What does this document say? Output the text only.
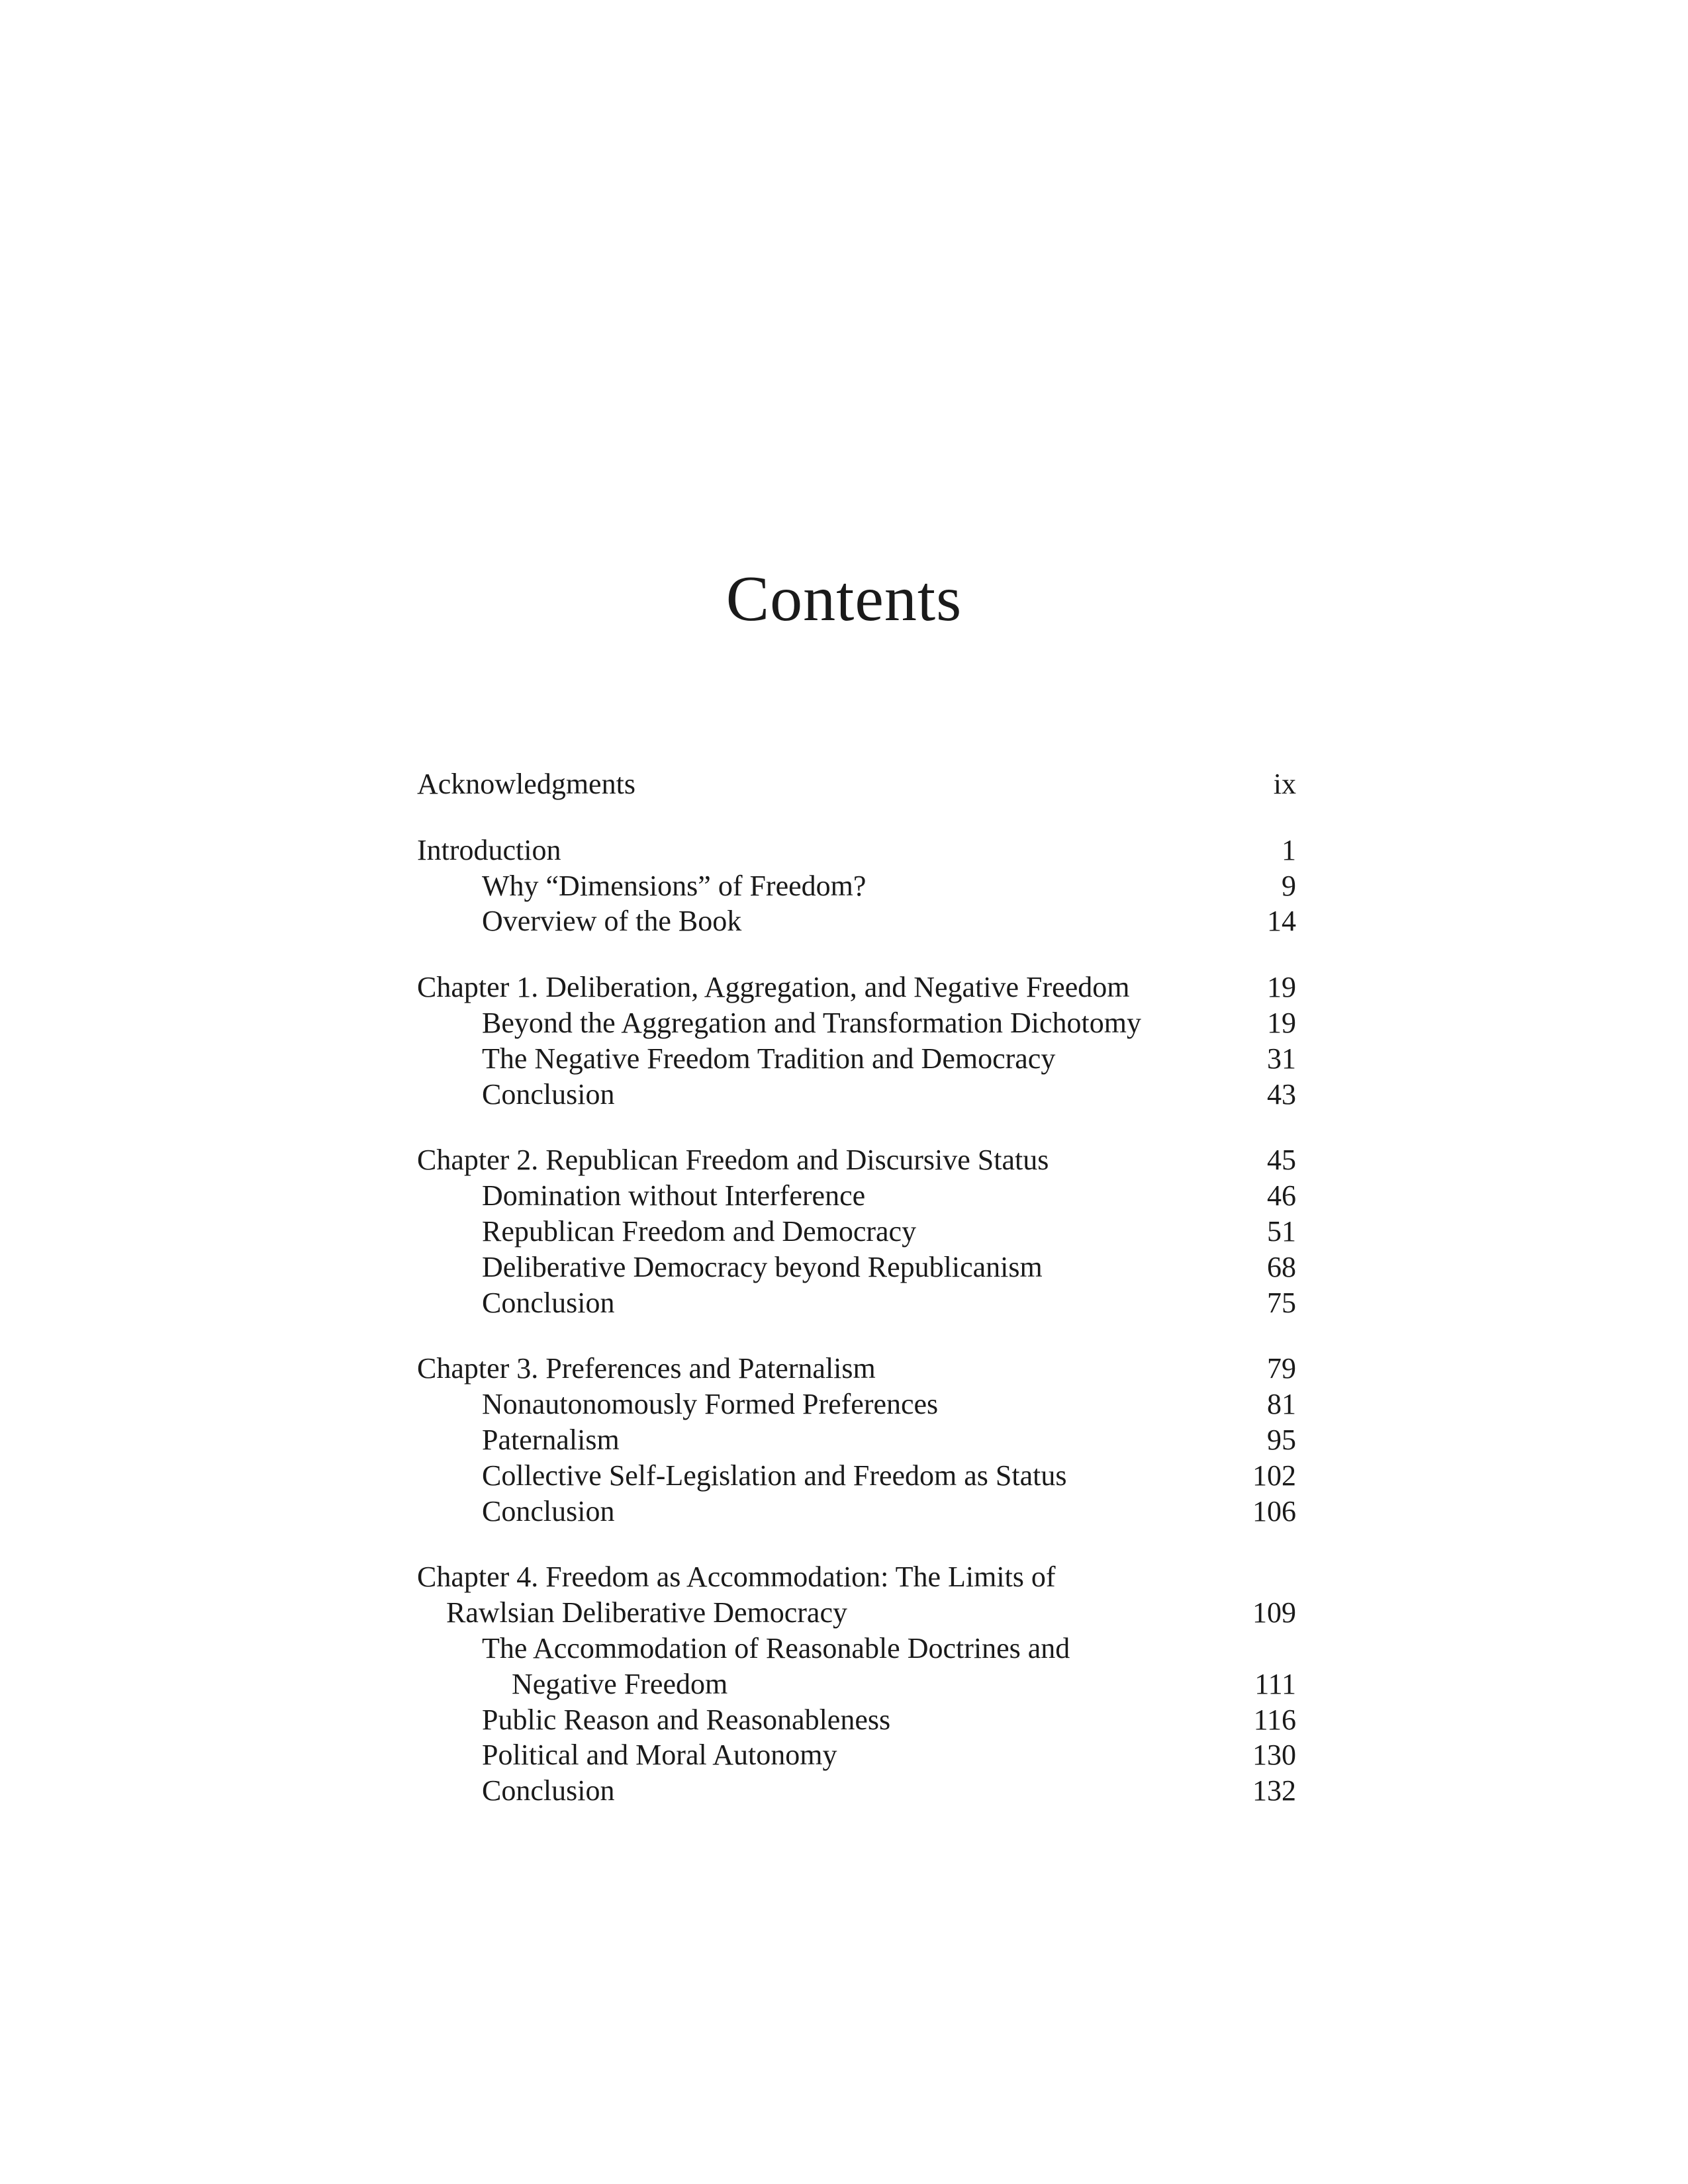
Contents
Acknowledgments	ix
Introduction	1
Why “Dimensions” of Freedom?	9
Overview of the Book	14
Chapter 1. Deliberation, Aggregation, and Negative Freedom	19
Beyond the Aggregation and Transformation Dichotomy	19
The Negative Freedom Tradition and Democracy	31
Conclusion	43
Chapter 2. Republican Freedom and Discursive Status	45
Domination without Interference	46
Republican Freedom and Democracy	51
Deliberative Democracy beyond Republicanism	68
Conclusion	75
Chapter 3. Preferences and Paternalism	79
Nonautonomously Formed Preferences	81
Paternalism	95
Collective Self-Legislation and Freedom as Status	102
Conclusion	106
Chapter 4. Freedom as Accommodation: The Limits of
Rawlsian Deliberative Democracy	109
The Accommodation of Reasonable Doctrines and
Negative Freedom	111
Public Reason and Reasonableness	116
Political and Moral Autonomy	130
Conclusion	132
